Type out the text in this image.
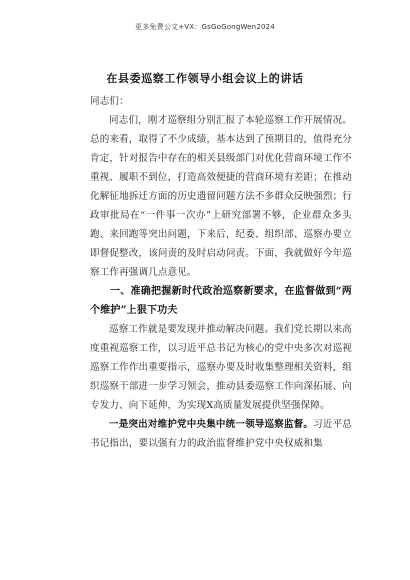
更多免费公文+VX：GsGoGongWen2024
在县委巡察工作领导小组会议上的讲话

同志们：

同志们，刚才巡察组分别汇报了本轮巡察工作开展情况。总的来看，取得了不少成绩，基本达到了预期目的，值得充分肯定，针对报告中存在的相关县级部门对优化营商环境工作不重视、履职不到位，打造高效便捷的营商环境有差距；在推动化解征地拆迁方面的历史遗留问题方法不多群众反映强烈；行政审批局在“一件事一次办”上研究部署不够，企业群众多头跑、来回跑等突出问题，下来后，纪委、组织部、巡察办要立即督促整改，该问责的及时启动问责。下面，我就做好今年巡察工作再强调几点意见。

一、准确把握新时代政治巡察新要求，在监督做到“两个维护”上狠下功夫

巡察工作就是要发现并推动解决问题。我们党长期以来高度重视巡察工作，以习近平总书记为核心的党中央多次对巡视巡察工作作出重要指示，巡察办要及时收集整理相关资料，组织巡察干部进一步学习领会，推动县委巡察工作向深拓展、向专发力、向下延伸，为实现X高质量发展提供坚强保障。

一是突出对维护党中央集中统一领导巡察监督。习近平总书记指出，要以强有力的政治监督维护党中央权威和集
